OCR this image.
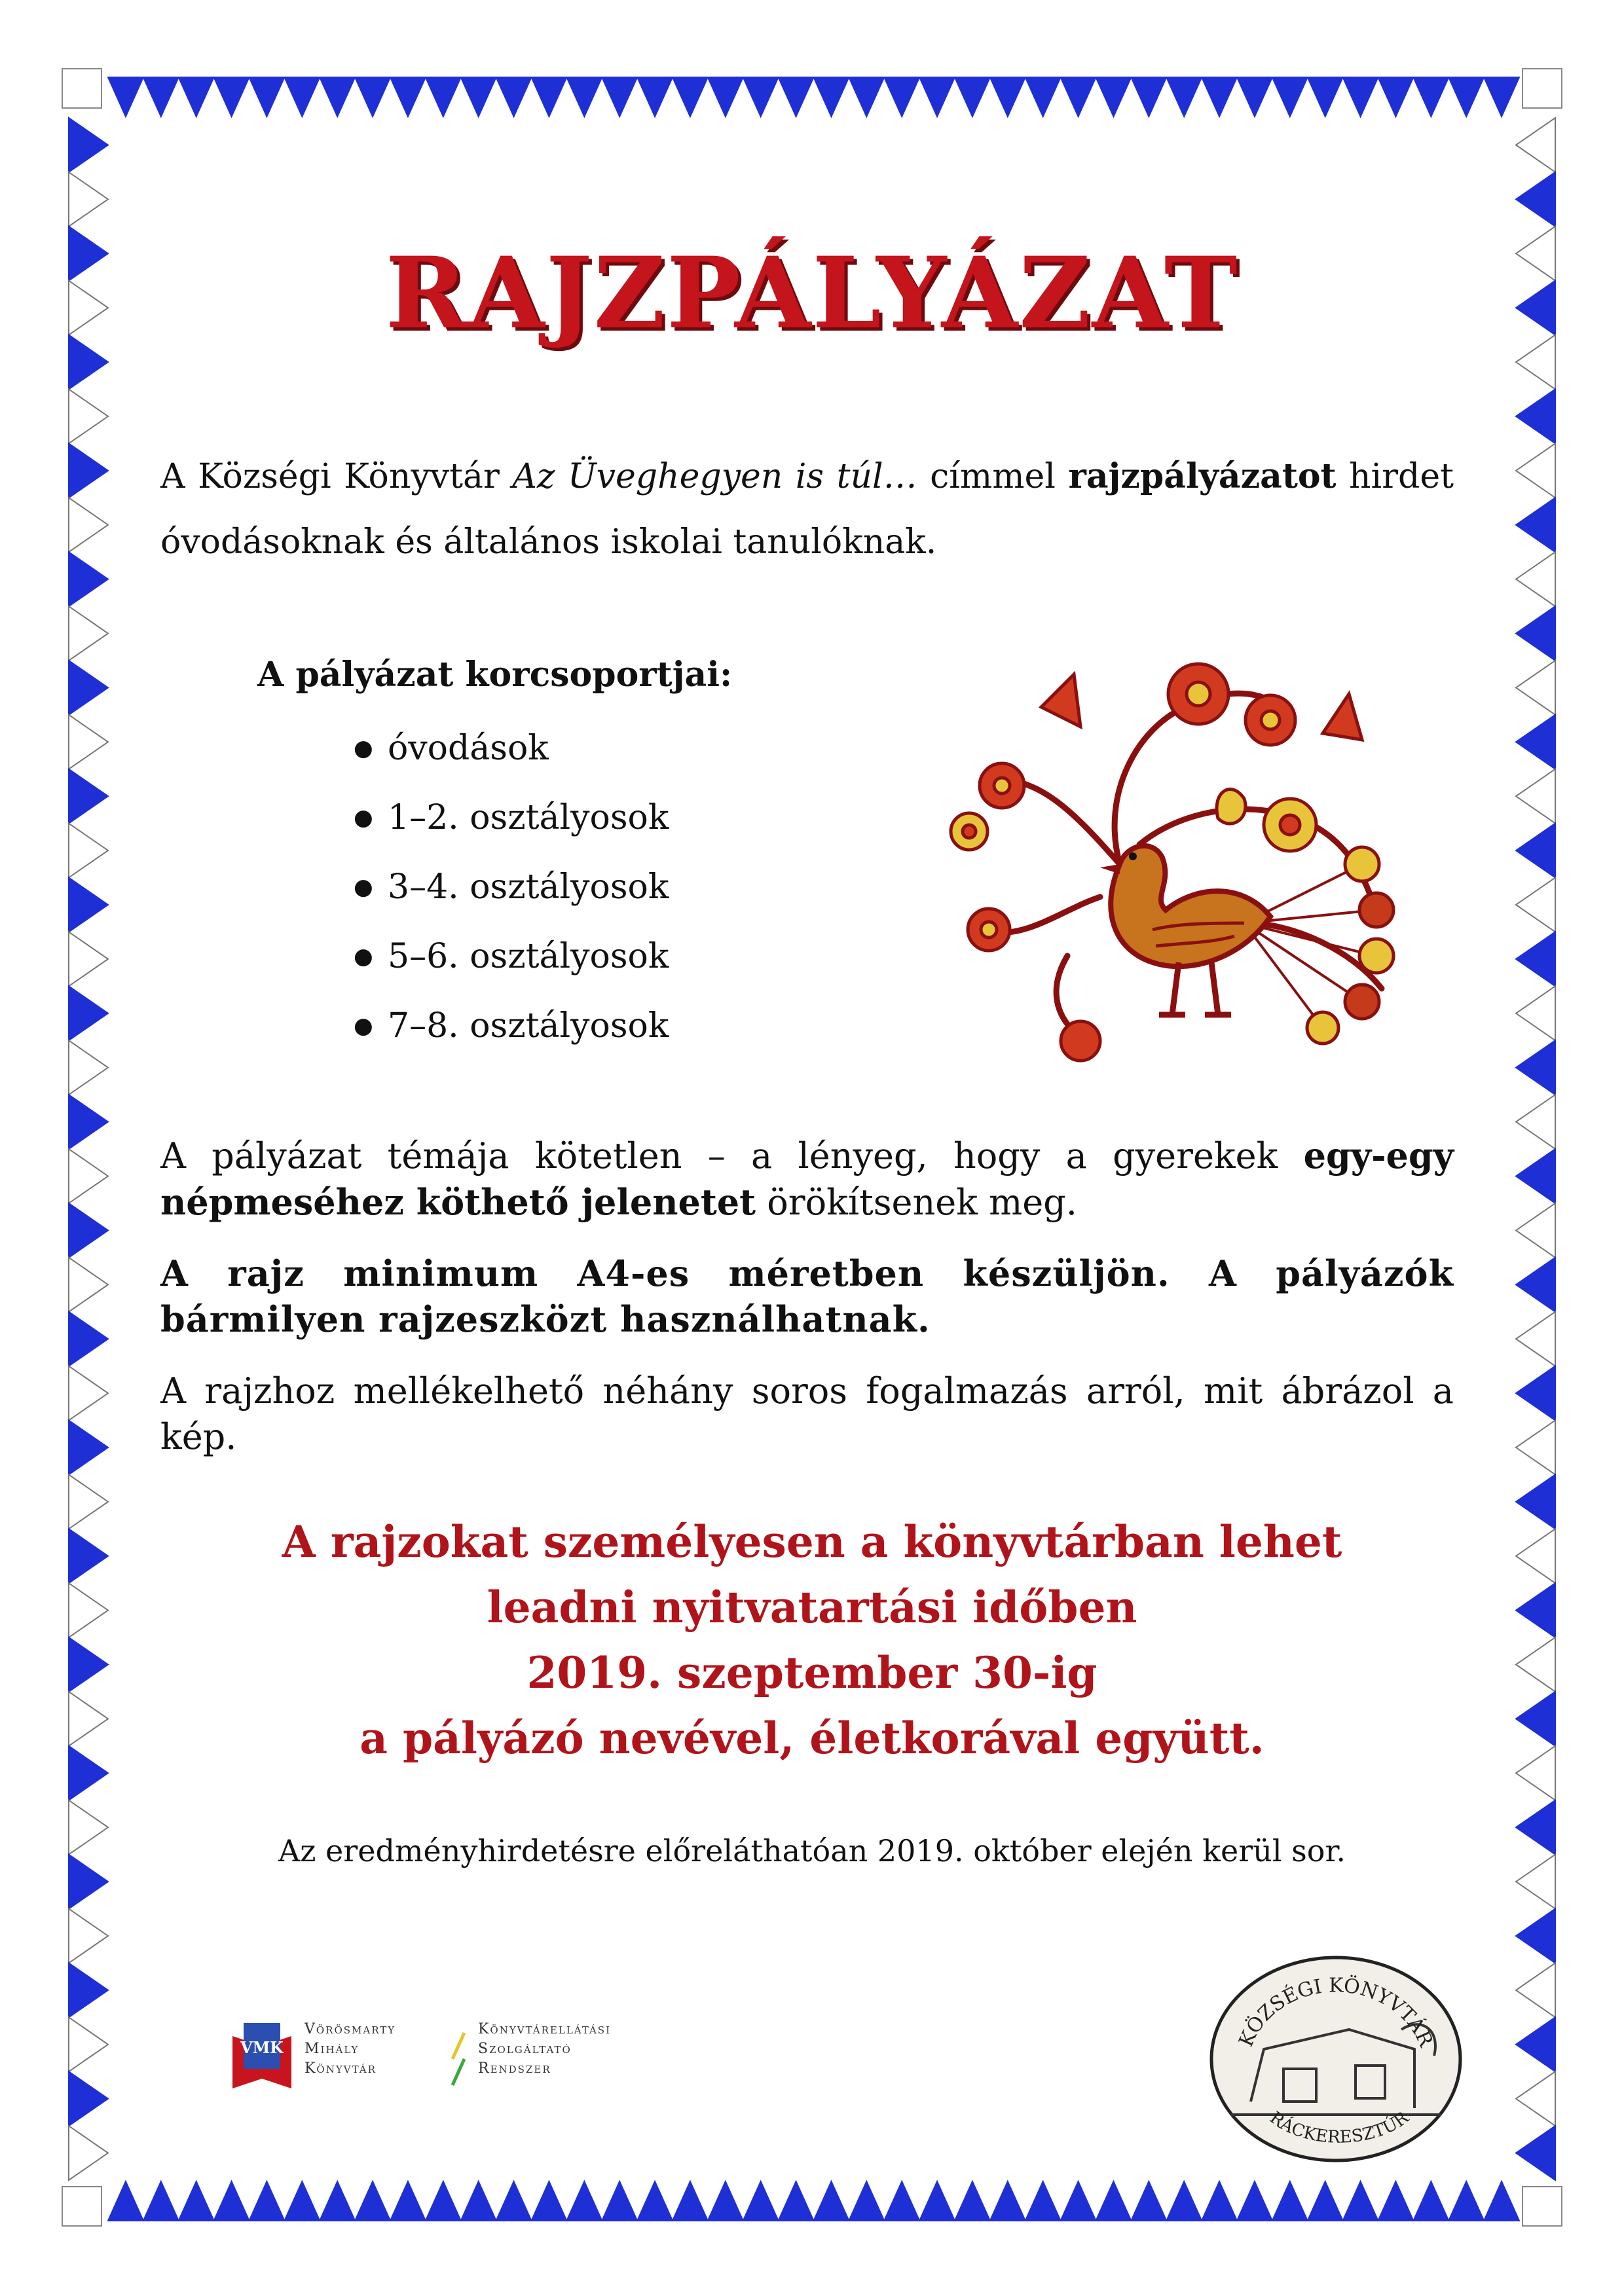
RAJZPÁLYÁZAT
A Községi Könyvtár Az Üveghegyen is túl… címmel rajzpályázatot hirdet óvodásoknak és általános iskolai tanulóknak.
A pályázat korcsoportjai:
● óvodások
● 1–2. osztályosok
● 3–4. osztályosok
● 5–6. osztályosok
● 7–8. osztályosok
A pályázat témája kötetlen – a lényeg, hogy a gyerekek egy-egy népmeséhez köthető jelenetet örökítsenek meg.

A rajz minimum A4-es méretben készüljön. A pályázók bármilyen rajzeszközt használhatnak.

A rajzhoz mellékelhető néhány soros fogalmazás arról, mit ábrázol a kép.

A rajzokat személyesen a könyvtárban lehet
leadni nyitvatartási időben
2019. szeptember 30-ig
a pályázó nevével, életkorával együtt.
Az eredményhirdetésre előreláthatóan 2019. október elején kerül sor.
VMK
Vörösmarty
Mihály
Könyvtár
Könyvtárellátási
Szolgáltató
Rendszer
KÖZSÉGI KÖNYVTÁR
RÁCKERESZTÚR
